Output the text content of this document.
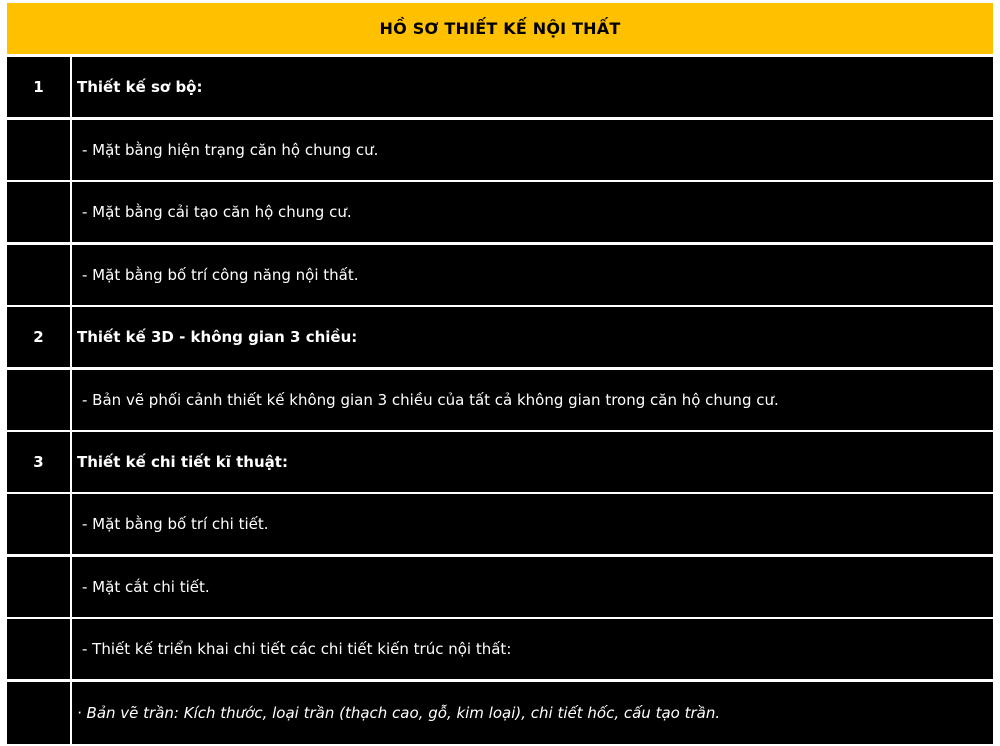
HỒ SƠ THIẾT KẾ NỘI THẤT
1	Thiết kế sơ bộ:
- Mặt bằng hiện trạng căn hộ chung cư.
- Mặt bằng cải tạo căn hộ chung cư.
- Mặt bằng bố trí công năng nội thất.
2	Thiết kế 3D - không gian 3 chiều:
- Bản vẽ phối cảnh thiết kế không gian 3 chiều của tất cả không gian trong căn hộ chung cư.
3	Thiết kế chi tiết kĩ thuật:
- Mặt bằng bố trí chi tiết.
- Mặt cắt chi tiết.
- Thiết kế triển khai chi tiết các chi tiết kiến trúc nội thất:
· Bản vẽ trần: Kích thước, loại trần (thạch cao, gỗ, kim loại), chi tiết hốc, cấu tạo trần.
